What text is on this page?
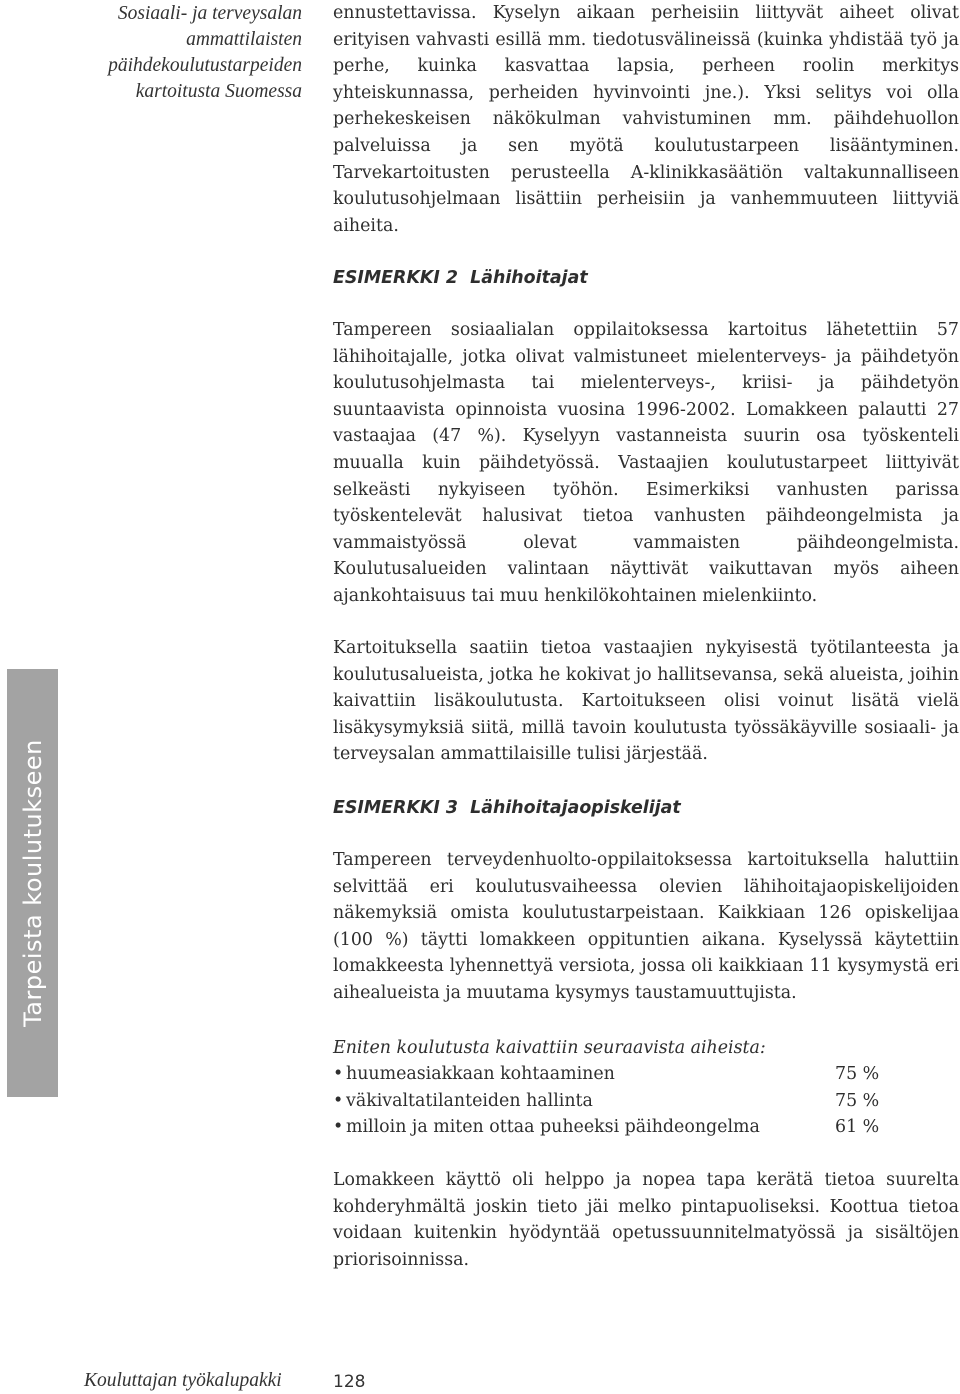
Sosiaali- ja terveysalan
ammattilaisten
päihdekoulutustarpeiden
kartoitusta Suomessa
Tarpeista koulutukseen

ennustettavissa. Kyselyn aikaan perheisiin liittyvät aiheet olivat erityisen vahvasti esillä mm. tiedotusvälineissä (kuinka yhdistää työ ja perhe, kuinka kasvattaa lapsia, perheen roolin merkitys yhteiskunnassa, perheiden hyvinvointi jne.). Yksi selitys voi olla perhekeskeisen näkökulman vahvistuminen mm. päihdehuollon palveluissa ja sen myötä koulutustarpeen lisääntyminen. Tarvekartoitusten perusteella A-klinikkasäätiön valtakunnalliseen koulutusohjelmaan lisättiin perheisiin ja vanhemmuuteen liittyviä aiheita.

ESIMERKKI 2  Lähihoitajat

Tampereen sosiaalialan oppilaitoksessa kartoitus lähetettiin 57 lähihoitajalle, jotka olivat valmistuneet mielenterveys- ja päihdetyön koulutusohjelmasta tai mielenterveys-, kriisi- ja päihdetyön suuntaavista opinnoista vuosina 1996-2002. Lomakkeen palautti 27 vastaajaa (47 %). Kyselyyn vastanneista suurin osa työskenteli muualla kuin päihdetyössä. Vastaajien koulutustarpeet liittyivät selkeästi nykyiseen työhön. Esimerkiksi vanhusten parissa työskentelevät halusivat tietoa vanhusten päihdeongelmista ja vammaistyössä olevat vammaisten päihdeongelmista. Koulutusalueiden valintaan näyttivät vaikuttavan myös aiheen ajankohtaisuus tai muu henkilökohtainen mielenkiinto.

Kartoituksella saatiin tietoa vastaajien nykyisestä työtilanteesta ja koulutusalueista, jotka he kokivat jo hallitsevansa, sekä alueista, joihin kaivattiin lisäkoulutusta. Kartoitukseen olisi voinut lisätä vielä lisäkysymyksiä siitä, millä tavoin koulutusta työssäkäyville sosiaali- ja terveysalan ammattilaisille tulisi järjestää.

ESIMERKKI 3  Lähihoitajaopiskelijat

Tampereen terveydenhuolto-oppilaitoksessa kartoituksella haluttiin selvittää eri koulutusvaiheessa olevien lähihoitajaopiskelijoiden näkemyksiä omista koulutustarpeistaan. Kaikkiaan 126 opiskelijaa (100 %) täytti lomakkeen oppituntien aikana. Kyselyssä käytettiin lomakkeesta lyhennettyä versiota, jossa oli kaikkiaan 11 kysymystä eri aihealueista ja muutama kysymys taustamuuttujista.

Eniten koulutusta kaivattiin seuraavista aiheista:

• huumeasiakkaan kohtaaminen	75 %
• väkivaltatilanteiden hallinta	75 %
• milloin ja miten ottaa puheeksi päihdeongelma	61 %

Lomakkeen käyttö oli helppo ja nopea tapa kerätä tietoa suurelta kohderyhmältä joskin tieto jäi melko pintapuoliseksi. Koottua tietoa voidaan kuitenkin hyödyntää opetussuunnitelmatyössä ja sisältöjen priorisoinnissa.

Kouluttajan työkalupakki	128
